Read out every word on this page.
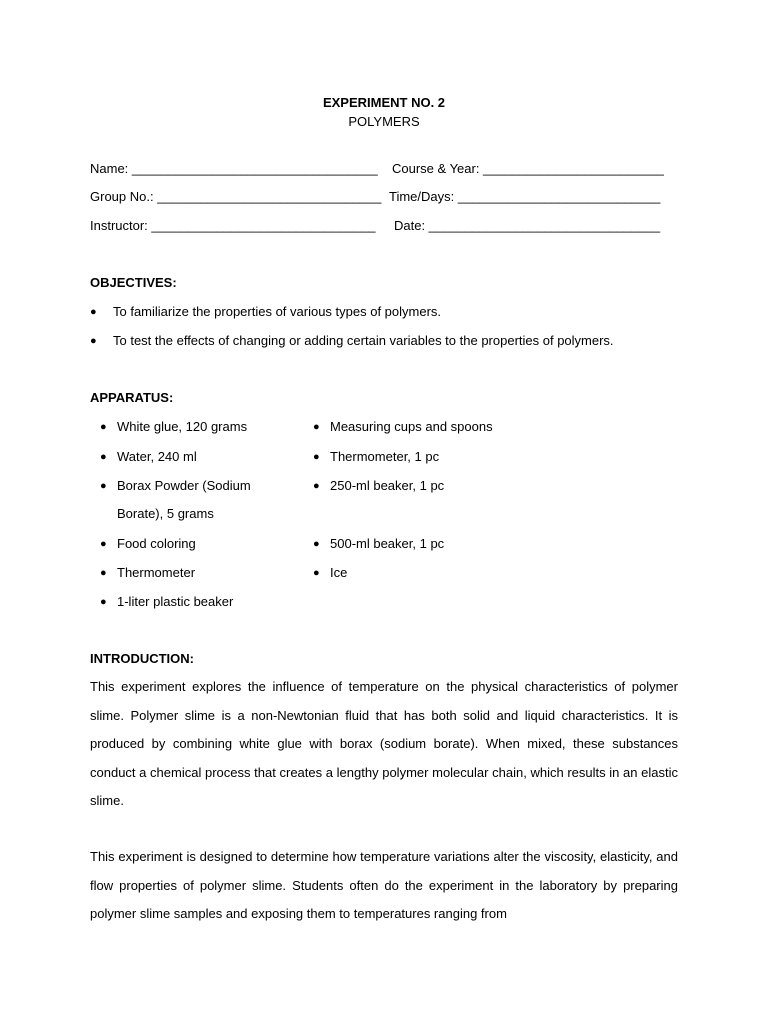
EXPERIMENT NO. 2
POLYMERS
Name: __________________________________ Course & Year: _________________________
Group No.: _______________________________ Time/Days: ____________________________
Instructor: _______________________________ Date: ________________________________
OBJECTIVES:
● To familiarize the properties of various types of polymers.
● To test the effects of changing or adding certain variables to the properties of polymers.
APPARATUS:
● White glue, 120 grams
● Water, 240 ml
● Borax Powder (Sodium
Borate), 5 grams
● Food coloring
● Thermometer
● 1-liter plastic beaker
● Measuring cups and spoons
● Thermometer, 1 pc
● 250-ml beaker, 1 pc
● 500-ml beaker, 1 pc
● Ice
INTRODUCTION:
This experiment explores the influence of temperature on the physical characteristics of polymer slime. Polymer slime is a non-Newtonian fluid that has both solid and liquid characteristics. It is produced by combining white glue with borax (sodium borate). When mixed, these substances conduct a chemical process that creates a lengthy polymer molecular chain, which results in an elastic slime.
This experiment is designed to determine how temperature variations alter the viscosity, elasticity, and flow properties of polymer slime. Students often do the experiment in the laboratory by preparing polymer slime samples and exposing them to temperatures ranging from
